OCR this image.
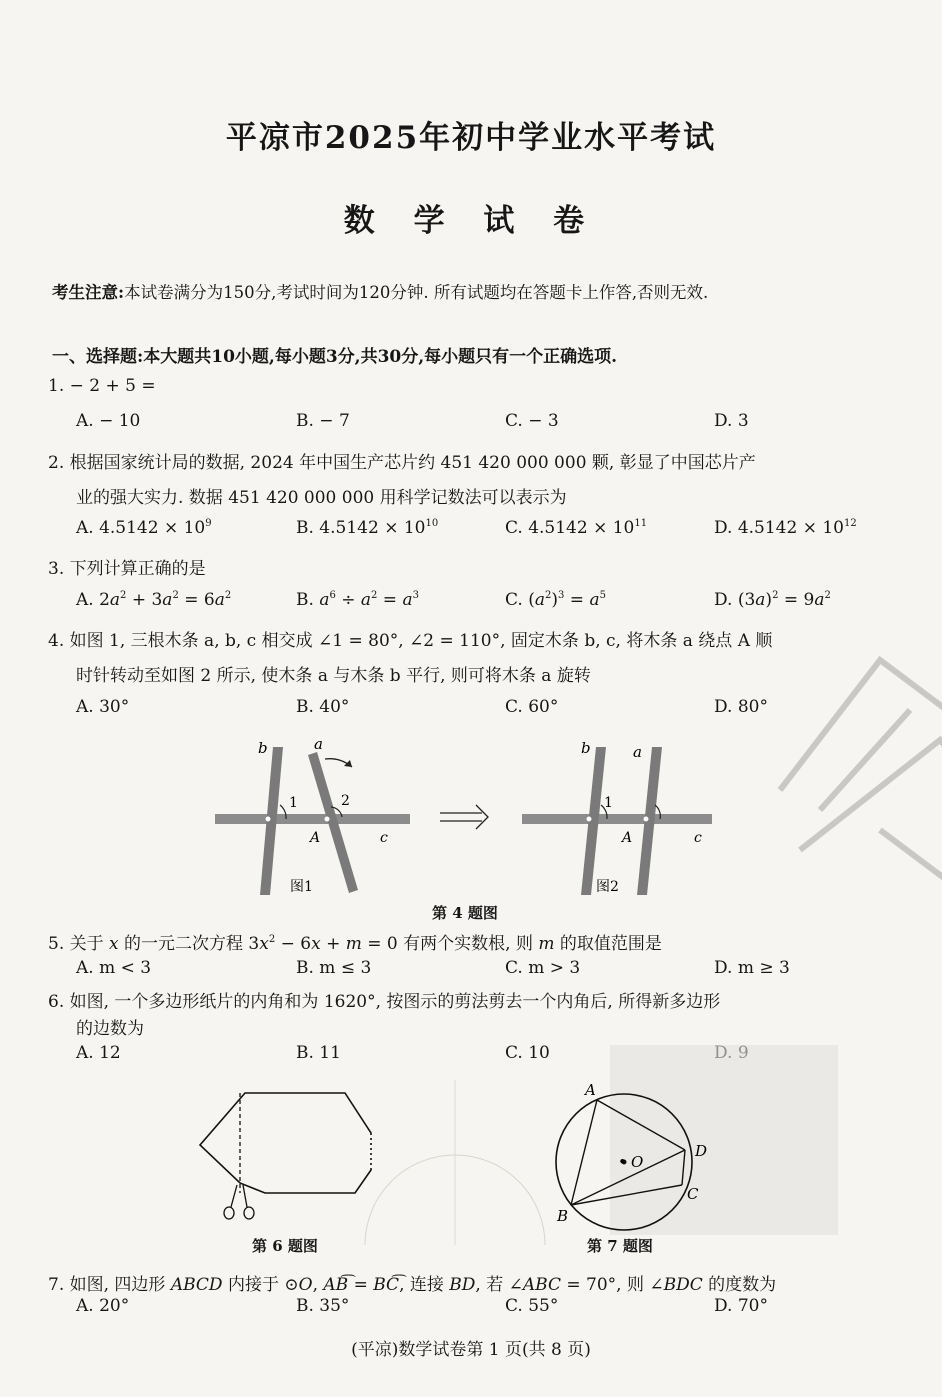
平凉市2025年初中学业水平考试
数 学 试 卷
考生注意:本试卷满分为150分,考试时间为120分钟. 所有试题均在答题卡上作答,否则无效.
一、选择题:本大题共10小题,每小题3分,共30分,每小题只有一个正确选项.
1. − 2 + 5 =
A. − 10	B. − 7	C. − 3	D. 3
2. 根据国家统计局的数据, 2024 年中国生产芯片约 451 420 000 000 颗, 彰显了中国芯片产
业的强大实力. 数据 451 420 000 000 用科学记数法可以表示为
A. $4.5142 \times 10^9$	B. $4.5142 \times 10^{10}$	C. $4.5142 \times 10^{11}$	D. $4.5142 \times 10^{12}$
3. 下列计算正确的是
A. $2a^2 + 3a^2 = 6a^2$	B. $a^6 \div a^2 = a^3$	C. $(a^2)^3 = a^5$	D. $(3a)^2 = 9a^2$
4. 如图 1, 三根木条 a, b, c 相交成 ∠1 = 80°, ∠2 = 110°, 固定木条 b, c, 将木条 a 绕点 A 顺
时针转动至如图 2 所示, 使木条 a 与木条 b 平行, 则可将木条 a 旋转
A. 30°	B. 40°	C. 60°	D. 80°
b	a
1	2
A	c
图1
b	a
1
A	c
图2
第 4 题图
5. 关于 x 的一元二次方程 $3x^2 - 6x + m = 0$ 有两个实数根, 则 m 的取值范围是
A. m < 3	B. m ≤ 3	C. m > 3	D. m ≥ 3
6. 如图, 一个多边形纸片的内角和为 1620°, 按图示的剪法剪去一个内角后, 所得新多边形
的边数为
A. 12	B. 11	C. 10
第 6 题图
A
O
D
C
B
•
第 7 题图
7. 如图, 四边形 ABCD 内接于 ⊙O, AB͡ = BC͡, 连接 BD, 若 ∠ABC = 70°, 则 ∠BDC 的度数为
A. 20°	B. 35°	C. 55°	D. 70°
(平凉)数学试卷第 1 页(共 8 页)
